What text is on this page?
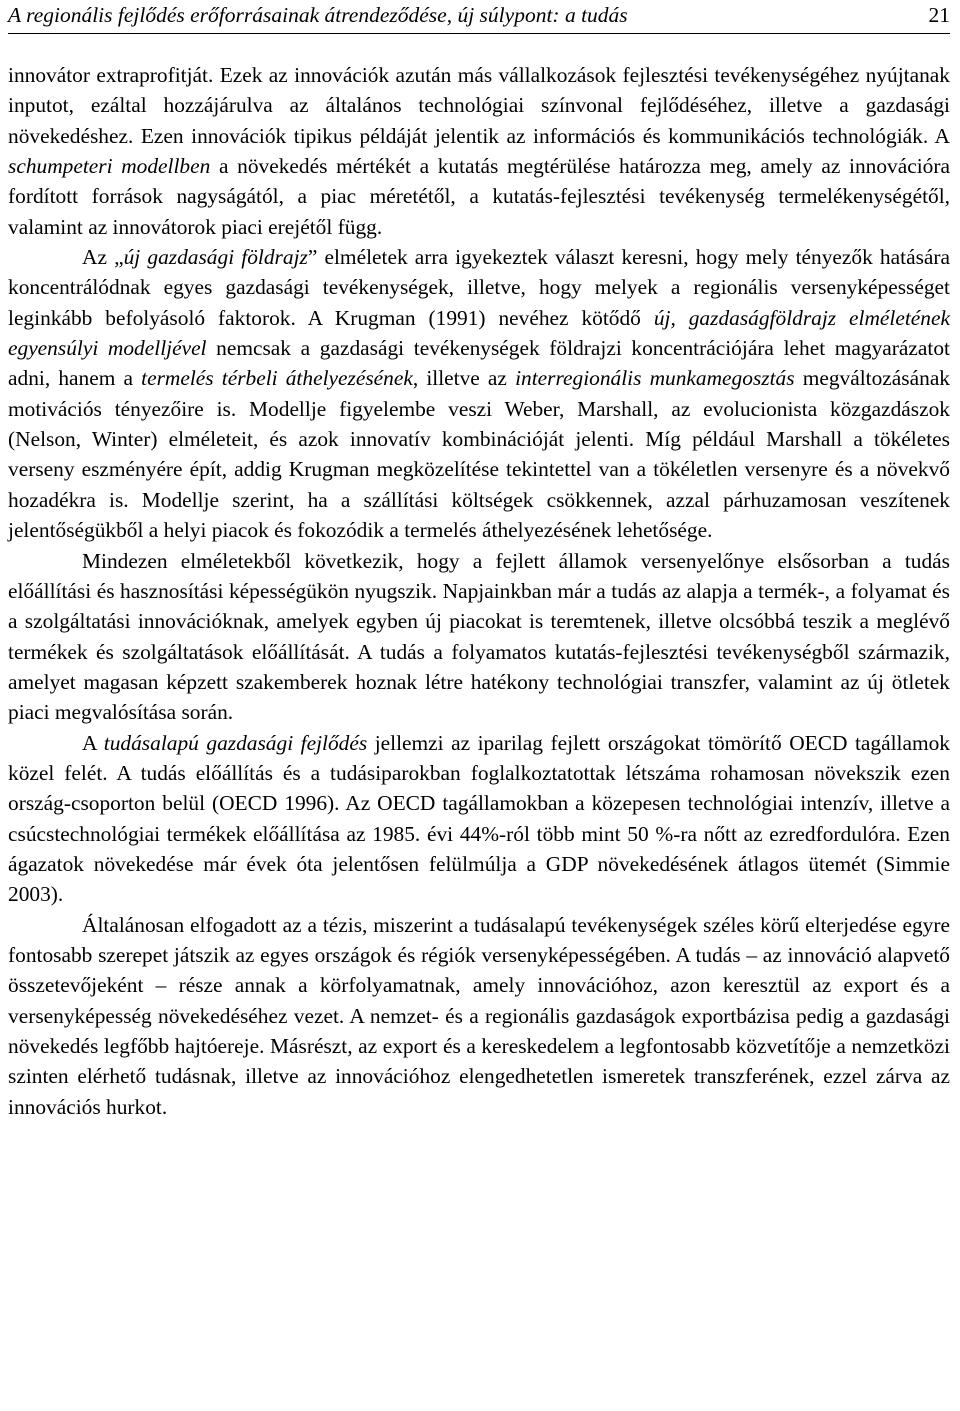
A regionális fejlődés erőforrásainak átrendeződése, új súlypont: a tudás	21

innovátor extraprofitját. Ezek az innovációk azután más vállalkozások fejlesztési tevékenységéhez nyújtanak inputot, ezáltal hozzájárulva az általános technológiai színvonal fejlődéséhez, illetve a gazdasági növekedéshez. Ezen innovációk tipikus példáját jelentik az információs és kommunikációs technológiák. A schumpeteri modellben a növekedés mértékét a kutatás megtérülése határozza meg, amely az innovációra fordított források nagyságától, a piac méretétől, a kutatás-fejlesztési tevékenység termelékenységétől, valamint az innovátorok piaci erejétől függ.

Az „új gazdasági földrajz” elméletek arra igyekeztek választ keresni, hogy mely tényezők hatására koncentrálódnak egyes gazdasági tevékenységek, illetve, hogy melyek a regionális versenyképességet leginkább befolyásoló faktorok. A Krugman (1991) nevéhez kötődő új, gazdaságföldrajz elméletének egyensúlyi modelljével nemcsak a gazdasági tevékenységek földrajzi koncentrációjára lehet magyarázatot adni, hanem a termelés térbeli áthelyezésének, illetve az interregionális munkamegosztás megváltozásának motivációs tényezőire is. Modellje figyelembe veszi Weber, Marshall, az evolucionista közgazdászok (Nelson, Winter) elméleteit, és azok innovatív kombinációját jelenti. Míg például Marshall a tökéletes verseny eszményére épít, addig Krugman megközelítése tekintettel van a tökéletlen versenyre és a növekvő hozadékra is. Modellje szerint, ha a szállítási költségek csökkennek, azzal párhuzamosan veszítenek jelentőségükből a helyi piacok és fokozódik a termelés áthelyezésének lehetősége.

Mindezen elméletekből következik, hogy a fejlett államok versenyelőnye elsősorban a tudás előállítási és hasznosítási képességükön nyugszik. Napjainkban már a tudás az alapja a termék-, a folyamat és a szolgáltatási innovációknak, amelyek egyben új piacokat is teremtenek, illetve olcsóbbá teszik a meglévő termékek és szolgáltatások előállítását. A tudás a folyamatos kutatás-fejlesztési tevékenységből származik, amelyet magasan képzett szakemberek hoznak létre hatékony technológiai transzfer, valamint az új ötletek piaci megvalósítása során.

A tudásalapú gazdasági fejlődés jellemzi az iparilag fejlett országokat tömörítő OECD tagállamok közel felét. A tudás előállítás és a tudásiparokban foglalkoztatottak létszáma rohamosan növekszik ezen ország-csoporton belül (OECD 1996). Az OECD tagállamokban a közepesen technológiai intenzív, illetve a csúcstechnológiai termékek előállítása az 1985. évi 44%-ról több mint 50 %-ra nőtt az ezredfordulóra. Ezen ágazatok növekedése már évek óta jelentősen felülmúlja a GDP növekedésének átlagos ütemét (Simmie 2003).

Általánosan elfogadott az a tézis, miszerint a tudásalapú tevékenységek széles körű elterjedése egyre fontosabb szerepet játszik az egyes országok és régiók versenyképességében. A tudás – az innováció alapvető összetevőjeként – része annak a körfolyamatnak, amely innovációhoz, azon keresztül az export és a versenyképesség növekedéséhez vezet. A nemzet- és a regionális gazdaságok exportbázisa pedig a gazdasági növekedés legfőbb hajtóereje. Másrészt, az export és a kereskedelem a legfontosabb közvetítője a nemzetközi szinten elérhető tudásnak, illetve az innovációhoz elengedhetetlen ismeretek transzferének, ezzel zárva az innovációs hurkot.
